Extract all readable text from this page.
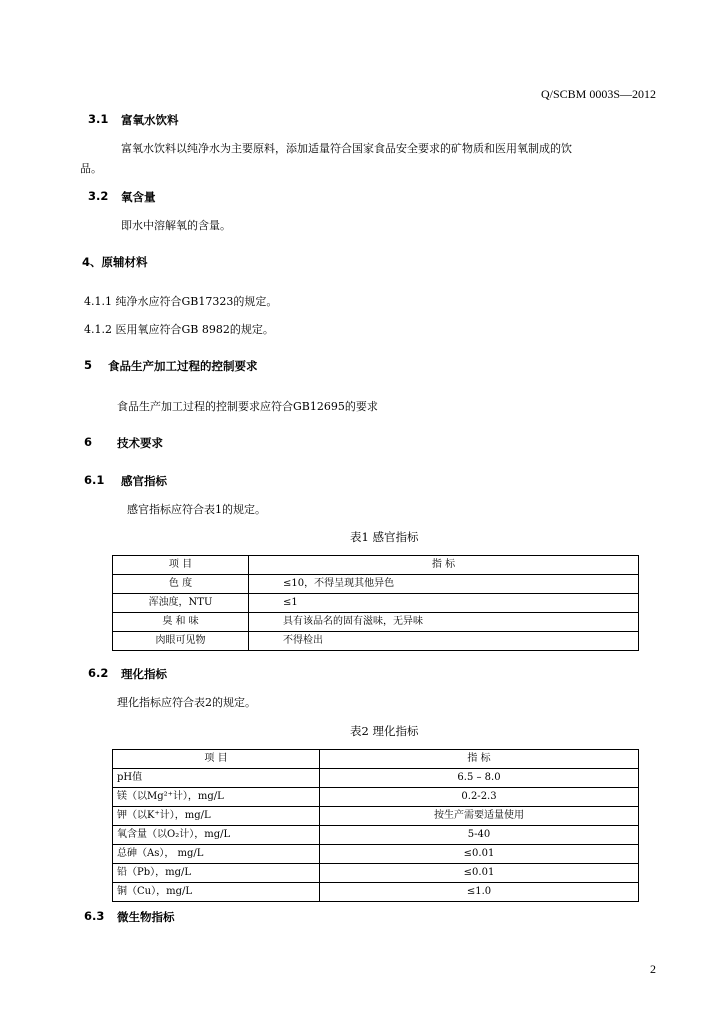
Q/SCBM 0003S—2012
3.1 富氧水饮料
富氧水饮料以纯净水为主要原料，添加适量符合国家食品安全要求的矿物质和医用氧制成的饮
品。
3.2 氧含量
即水中溶解氧的含量。
4、原辅材料
4.1.1 纯净水应符合GB17323的规定。
4.1.2 医用氧应符合GB 8982的规定。
5 食品生产加工过程的控制要求
食品生产加工过程的控制要求应符合GB12695的要求
6 技术要求
6.1 感官指标
感官指标应符合表1的规定。
表1 感官指标
项 目	指 标
色 度	≤10，不得呈现其他异色
浑浊度，NTU	≤1
臭 和 味	具有该品名的固有滋味，无异味
肉眼可见物	不得检出
6.2 理化指标
理化指标应符合表2的规定。
表2 理化指标
项 目	指 标
pH值	6.5 – 8.0
镁（以Mg²⁺计），mg/L	0.2-2.3
钾（以K⁺计），mg/L	按生产需要适量使用
氧含量（以O₂计），mg/L	5-40
总砷（As）， mg/L	≤0.01
铅（Pb），mg/L	≤0.01
铜（Cu），mg/L	≤1.0
6.3 微生物指标
2
